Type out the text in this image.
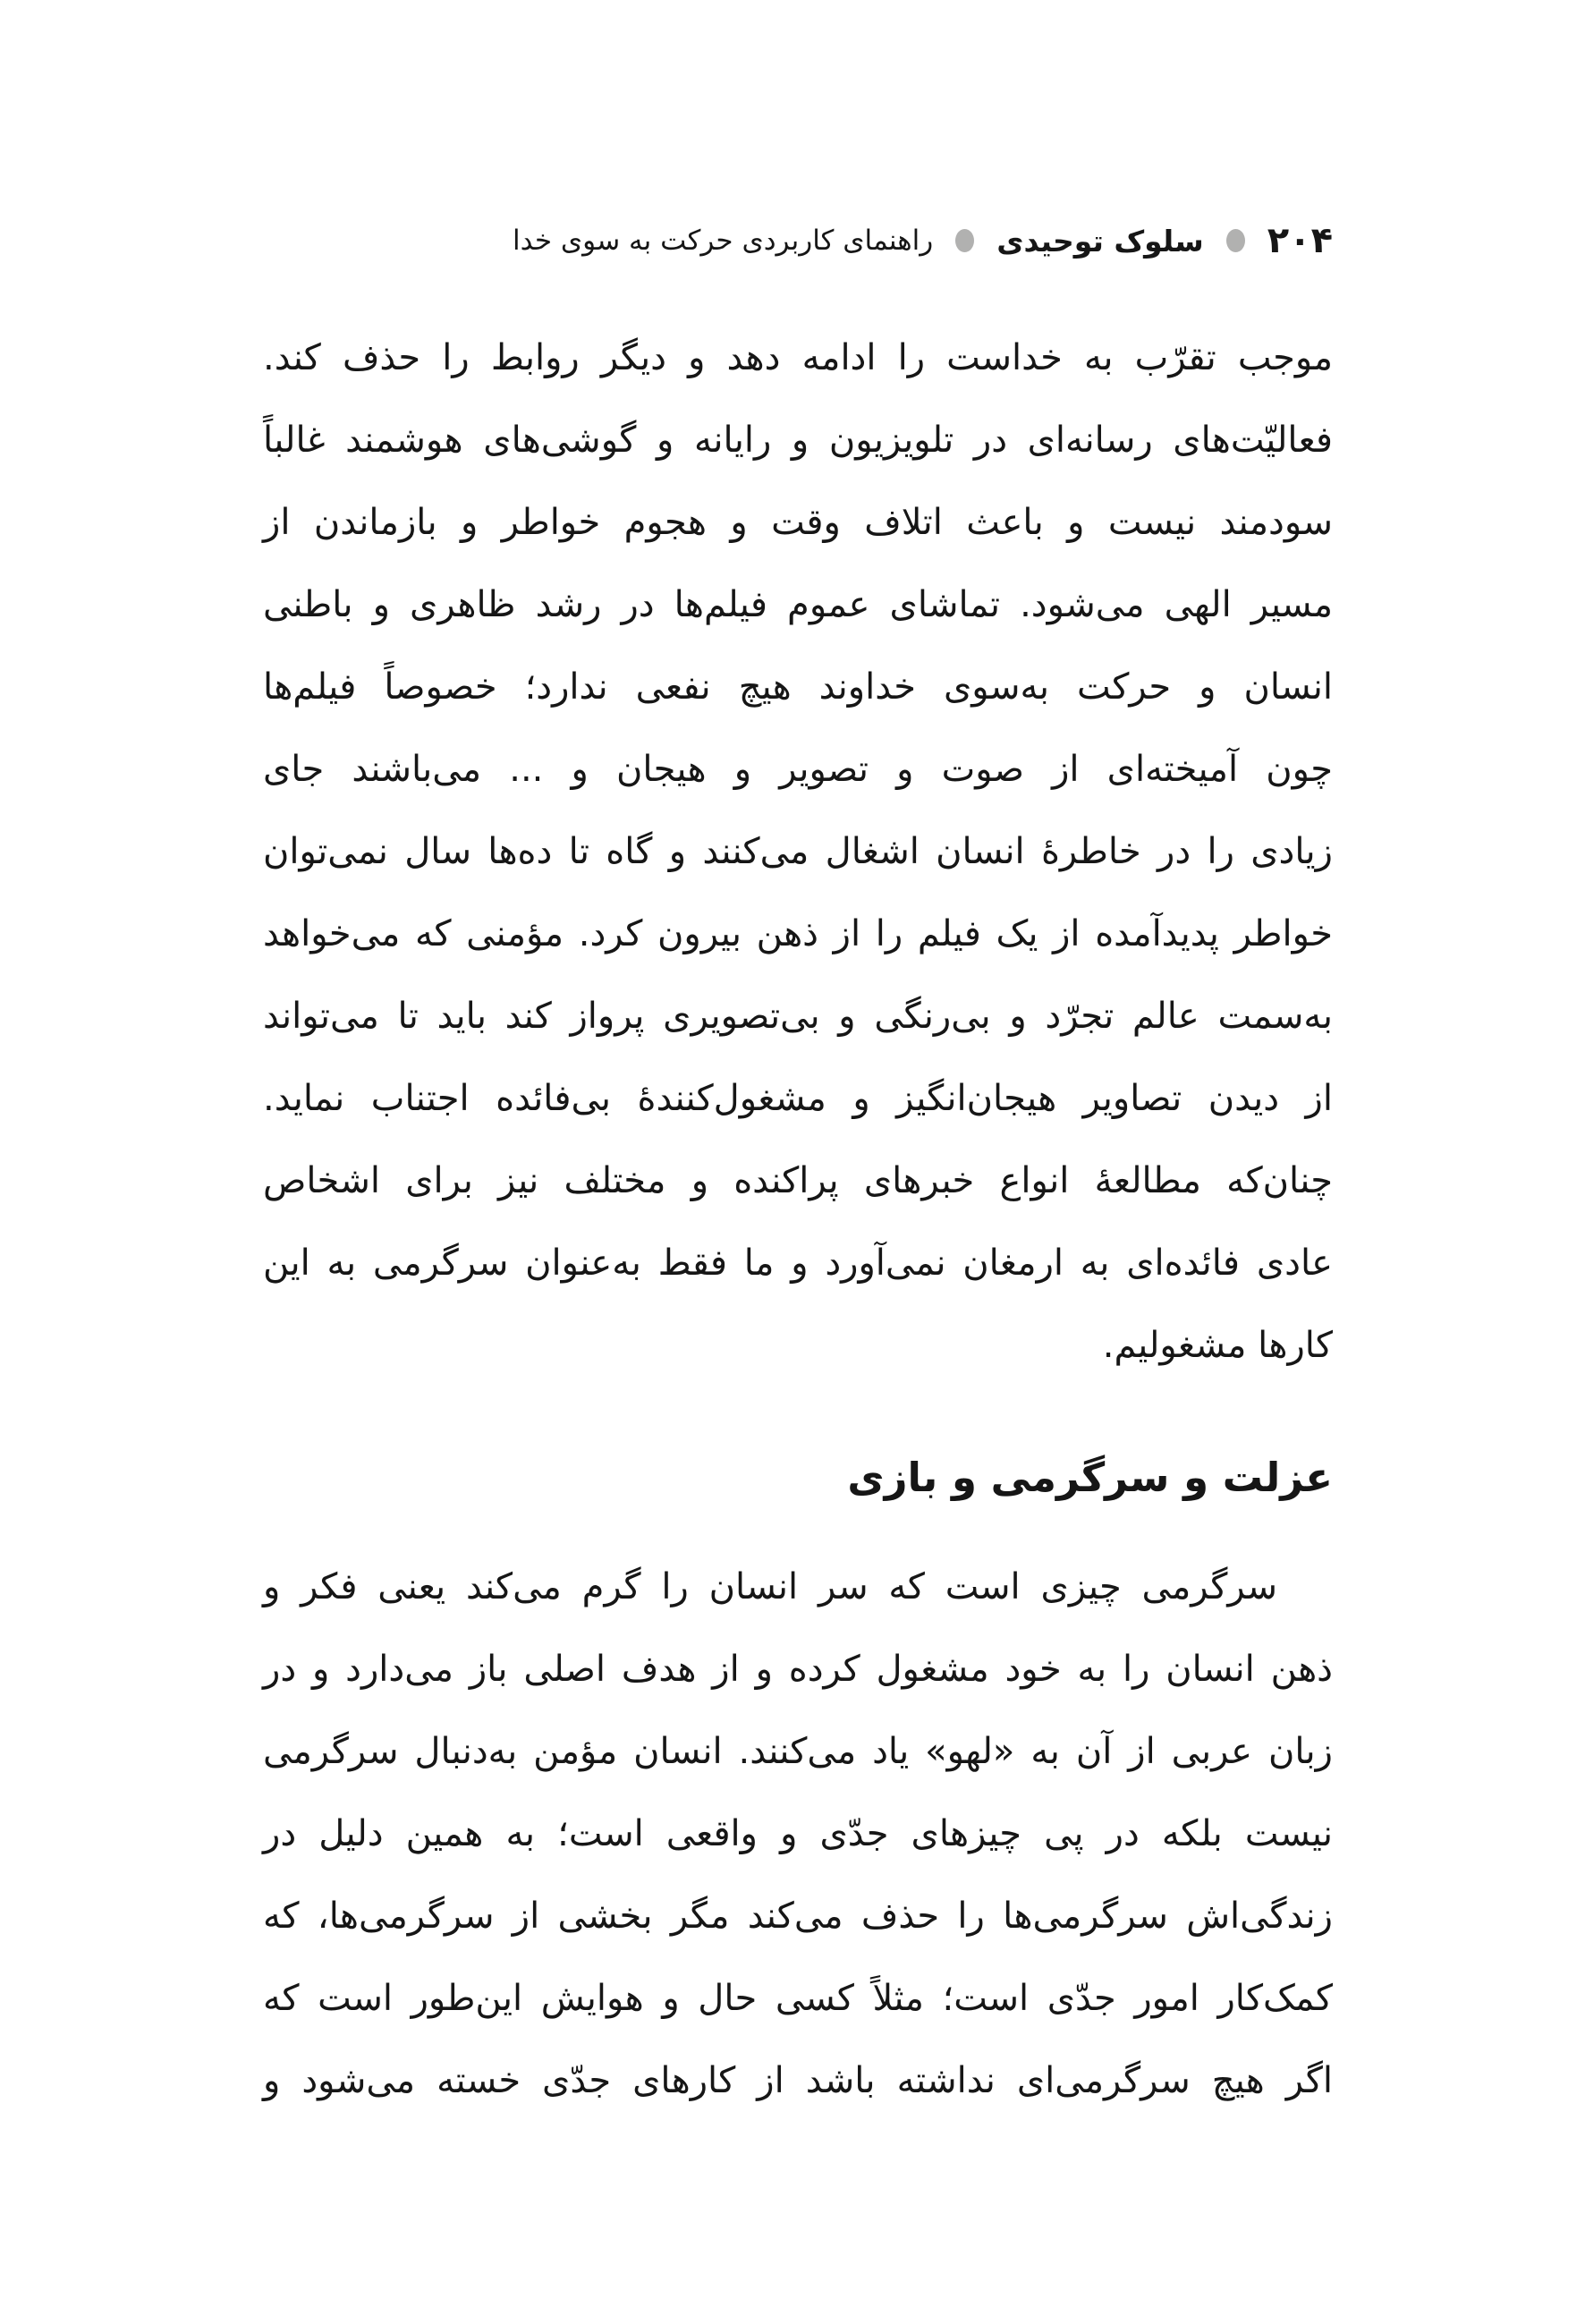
۲۰۴
سلوک توحیدی
راهنمای کاربردی حرکت به سوی خدا
موجب تقرّب به خداست را ادامه دهد و دیگر روابط را حذف کند.
فعالیّت‌های رسانه‌ای در تلویزیون و رایانه و گوشی‌های هوشمند غالباً
سودمند نیست و باعث اتلاف وقت و هجوم خواطر و بازماندن از
مسیر الهی می‌شود. تماشای عموم فیلم‌ها در رشد ظاهری و باطنی
انسان و حرکت به‌سوی خداوند هیچ نفعی ندارد؛ خصوصاً فیلم‌ها
چون آمیخته‌ای از صوت و تصویر و هیجان و ... می‌باشند جای
زیادی را در خاطرهٔ انسان اشغال می‌کنند و گاه تا ده‌ها سال نمی‌توان
خواطر پدیدآمده از یک فیلم را از ذهن بیرون کرد. مؤمنی که می‌خواهد
به‌سمت عالم تجرّد و بی‌رنگی و بی‌تصویری پرواز کند باید تا می‌تواند
از دیدن تصاویر هیجان‌انگیز و مشغول‌کنندهٔ بی‌فائده اجتناب نماید.
چنان‌که مطالعهٔ انواع خبرهای پراکنده و مختلف نیز برای اشخاص
عادی فائده‌ای به ارمغان نمی‌آورد و ما فقط به‌عنوان سرگرمی به این
کارها مشغولیم.
عزلت و سرگرمی و بازی
سرگرمی چیزی است که سر انسان را گرم می‌کند یعنی فکر و
ذهن انسان را به خود مشغول کرده و از هدف اصلی باز می‌دارد و در
زبان عربی از آن به «لهو» یاد می‌کنند. انسان مؤمن به‌دنبال سرگرمی
نیست بلکه در پی چیزهای جدّی و واقعی است؛ به همین دلیل در
زندگی‌اش سرگرمی‌ها را حذف می‌کند مگر بخشی از سرگرمی‌ها، که
کمک‌کار امور جدّی است؛ مثلاً کسی حال و هوایش این‌طور است که
اگر هیچ سرگرمی‌ای نداشته باشد از کارهای جدّی خسته می‌شود و
